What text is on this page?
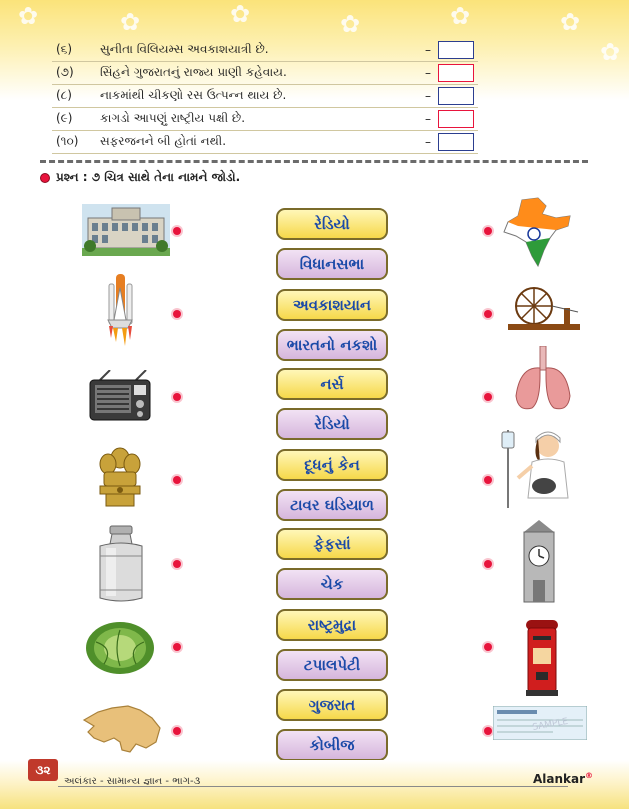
✿	✿	✿	✿	✿	✿
✿
(૬) સુનીતા વિલિયમ્સ અવકાશયાત્રી છે.	–
(૭) સિંહને ગુજરાતનું રાજ્ય પ્રાણી કહેવાય.	–
(૮) નાકમાંથી ચીકણો રસ ઉત્પન્ન થાય છે.	–
(૯) કાગડો આપણું રાષ્ટ્રીય પક્ષી છે.	–
(૧૦) સફરજનને બી હોતાં નથી.	–
પ્રશ્ન : ૭ ચિત્ર સાથે તેના નામને જોડો.
રેડિયો
વિધાનસભા
અવકાશયાન
ભારતનો નકશો
નર્સ
રેડિયો
દૂધનું કેન
ટાવર ઘડિયાળ
ફેફસાં
ચેક
રાષ્ટ્રમુદ્રા
ટપાલપેટી
ગુજરાત
કોબીજ
SAMPLE
૩૨
અલંકાર - સામાન્ય જ્ઞાન - ભાગ-૩	Alankar®
